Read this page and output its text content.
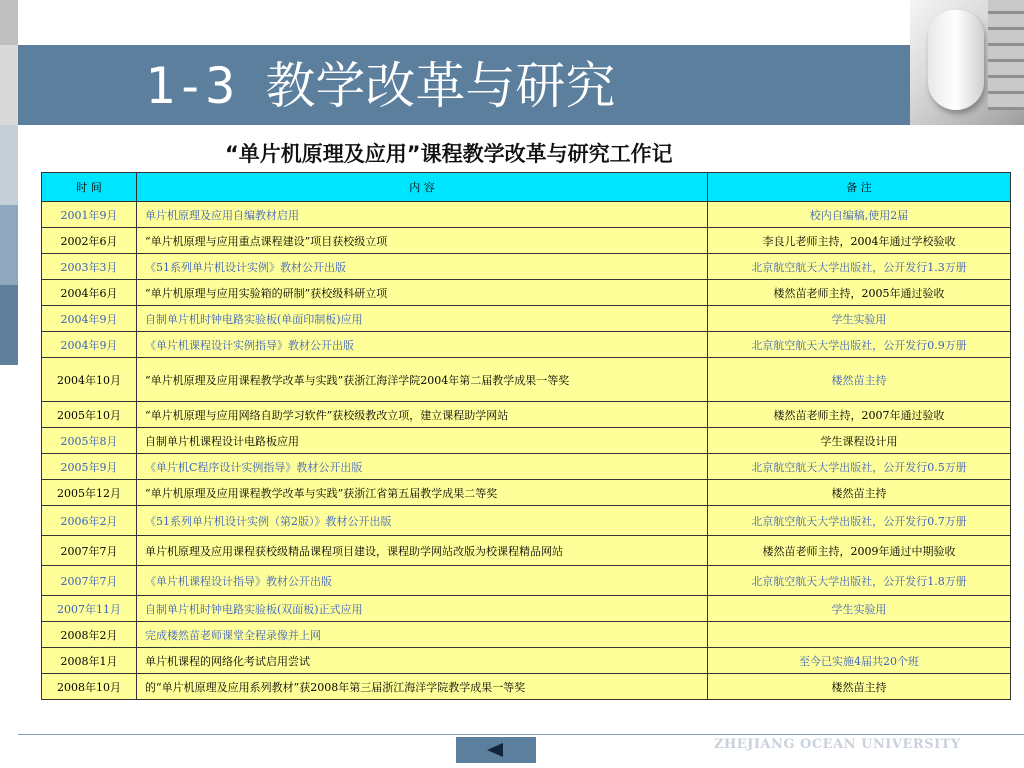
1-3 教学改革与研究
“单片机原理及应用”课程教学改革与研究工作记
时 间	内 容	备 注
2001年9月	单片机原理及应用自编教材启用	校内自编稿,使用2届
2002年6月	“单片机原理与应用重点课程建设”项目获校级立项	李良儿老师主持，2004年通过学校验收
2003年3月	《51系列单片机设计实例》教材公开出版	北京航空航天大学出版社，公开发行1.3万册
2004年6月	“单片机原理与应用实验箱的研制”获校级科研立项	楼然苗老师主持，2005年通过验收
2004年9月	自制单片机时钟电路实验板(单面印制板)应用	学生实验用
2004年9月	《单片机课程设计实例指导》教材公开出版	北京航空航天大学出版社，公开发行0.9万册
2004年10月	“单片机原理及应用课程教学改革与实践”获浙江海洋学院2004年第二届教学成果一等奖	楼然苗主持
2005年10月	“单片机原理与应用网络自助学习软件”获校级教改立项，建立课程助学网站	楼然苗老师主持，2007年通过验收
2005年8月	自制单片机课程设计电路板应用	学生课程设计用
2005年9月	《单片机C程序设计实例指导》教材公开出版	北京航空航天大学出版社，公开发行0.5万册
2005年12月	“单片机原理及应用课程教学改革与实践”获浙江省第五届教学成果二等奖	楼然苗主持
2006年2月	《51系列单片机设计实例（第2版）》教材公开出版	北京航空航天大学出版社，公开发行0.7万册
2007年7月	单片机原理及应用课程获校级精品课程项目建设，课程助学网站改版为校课程精品网站	楼然苗老师主持，2009年通过中期验收
2007年7月	《单片机课程设计指导》教材公开出版	北京航空航天大学出版社，公开发行1.8万册
2007年11月	自制单片机时钟电路实验板(双面板)正式应用	学生实验用
2008年2月	完成楼然苗老师课堂全程录像并上网	
2008年1月	单片机课程的网络化考试启用尝试	至今已实施4届共20个班
2008年10月	的“单片机原理及应用系列教材”获2008年第三届浙江海洋学院教学成果一等奖	楼然苗主持
ZHEJIANG OCEAN UNIVERSITY
